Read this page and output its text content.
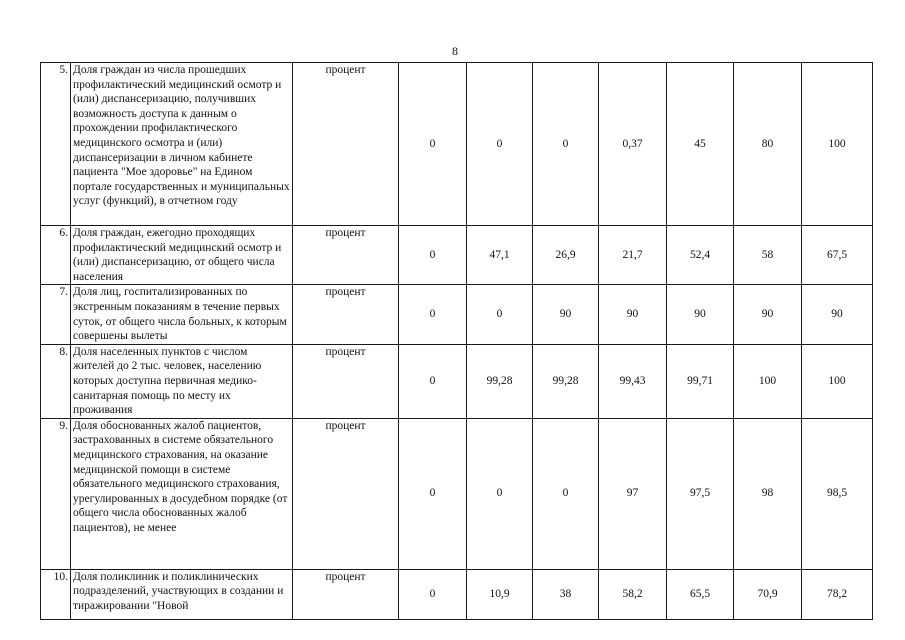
8
5.	Доля граждан из числа прошедших профилактический медицинский осмотр и (или) диспансеризацию, получивших возможность доступа к данным о прохождении профилактического медицинского осмотра и (или) диспансеризации в личном кабинете пациента "Мое здоровье" на Едином портале государственных и муниципальных услуг (функций), в отчетном году	процент	0	0	0	0,37	45	80	100
6.	Доля граждан, ежегодно проходящих профилактический медицинский осмотр и (или) диспансеризацию, от общего числа населения	процент	0	47,1	26,9	21,7	52,4	58	67,5
7.	Доля лиц, госпитализированных по экстренным показаниям в течение первых суток, от общего числа больных, к которым совершены вылеты	процент	0	0	90	90	90	90	90
8.	Доля населенных пунктов с числом жителей до 2 тыс. человек, населению которых доступна первичная медико-санитарная помощь по месту их проживания	процент	0	99,28	99,28	99,43	99,71	100	100
9.	Доля обоснованных жалоб пациентов, застрахованных в системе обязательного медицинского страхования, на оказание медицинской помощи в системе обязательного медицинского страхования, урегулированных в досудебном порядке (от общего числа обоснованных жалоб пациентов), не менее	процент	0	0	0	97	97,5	98	98,5
10.	Доля поликлиник и поликлинических подразделений, участвующих в создании и тиражировании "Новой	процент	0	10,9	38	58,2	65,5	70,9	78,2
